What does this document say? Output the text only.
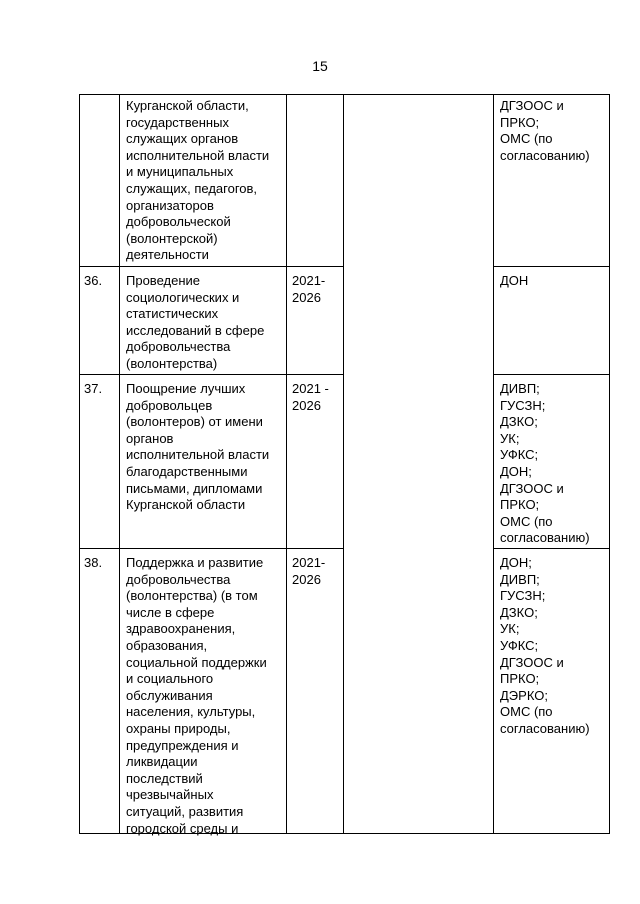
15
Курганской области,
государственных
служащих органов
исполнительной власти
и муниципальных
служащих, педагогов,
организаторов
добровольческой
(волонтерской)
деятельности
ДГЗООС и
ПРКО;
ОМС (по
согласованию)
36. Проведение
социологических и
статистических
исследований в сфере
добровольчества
(волонтерства)
2021-
2026
ДОН
37. Поощрение лучших
добровольцев
(волонтеров) от имени
органов
исполнительной власти
благодарственными
письмами, дипломами
Курганской области
2021 -
2026
ДИВП;
ГУСЗН;
ДЗКО;
УК;
УФКС;
ДОН;
ДГЗООС и
ПРКО;
ОМС (по
согласованию)
38. Поддержка и развитие
добровольчества
(волонтерства) (в том
числе в сфере
здравоохранения,
образования,
социальной поддержки
и социального
обслуживания
населения, культуры,
охраны природы,
предупреждения и
ликвидации
последствий
чрезвычайных
ситуаций, развития
городской среды и
2021-
2026
ДОН;
ДИВП;
ГУСЗН;
ДЗКО;
УК;
УФКС;
ДГЗООС и
ПРКО;
ДЭРКО;
ОМС (по
согласованию)
